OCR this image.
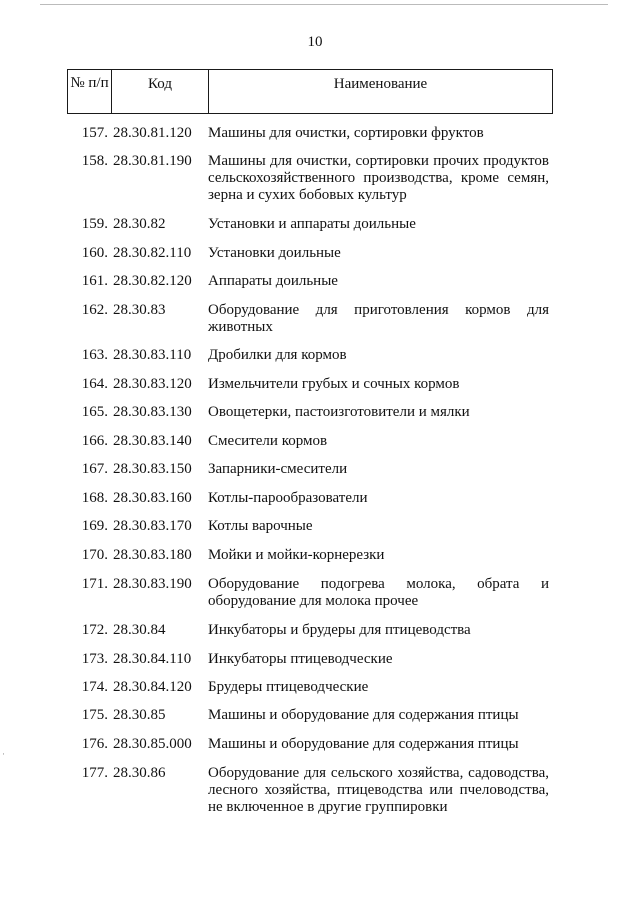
10
№ п/п	Код	Наименование
157. 28.30.81.120	Машины для очистки, сортировки фруктов
158. 28.30.81.190	Машины для очистки, сортировки прочих продуктов сельскохозяйственного производства, кроме семян, зерна и сухих бобовых культур
159. 28.30.82	Установки и аппараты доильные
160. 28.30.82.110	Установки доильные
161. 28.30.82.120	Аппараты доильные
162. 28.30.83	Оборудование для приготовления кормов для животных
163. 28.30.83.110	Дробилки для кормов
164. 28.30.83.120	Измельчители грубых и сочных кормов
165. 28.30.83.130	Овощетерки, пастоизготовители и мялки
166. 28.30.83.140	Смесители кормов
167. 28.30.83.150	Запарники-смесители
168. 28.30.83.160	Котлы-парообразователи
169. 28.30.83.170	Котлы варочные
170. 28.30.83.180	Мойки и мойки-корнерезки
171. 28.30.83.190	Оборудование подогрева молока, обрата и оборудование для молока прочее
172. 28.30.84	Инкубаторы и брудеры для птицеводства
173. 28.30.84.110	Инкубаторы птицеводческие
174. 28.30.84.120	Брудеры птицеводческие
175. 28.30.85	Машины и оборудование для содержания птицы
176. 28.30.85.000	Машины и оборудование для содержания птицы
177. 28.30.86	Оборудование для сельского хозяйства, садоводства, лесного хозяйства, птицеводства или пчеловодства, не включенное в другие группировки
·
